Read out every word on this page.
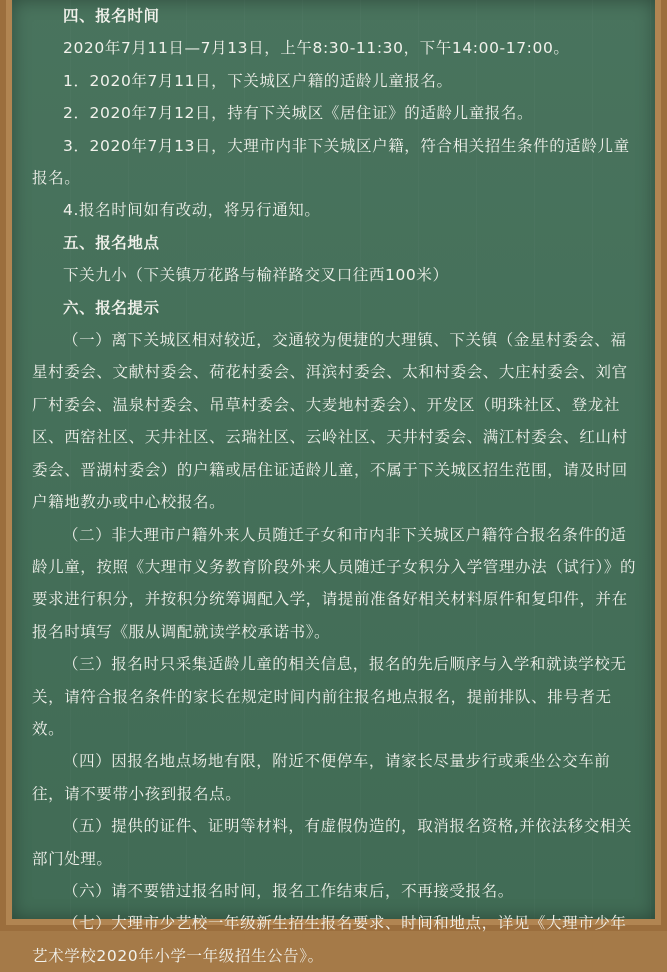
四、报名时间

2020年7月11日—7月13日，上午8:30-11:30，下午14:00-17:00。

1．2020年7月11日，下关城区户籍的适龄儿童报名。

2．2020年7月12日，持有下关城区《居住证》的适龄儿童报名。

3．2020年7月13日，大理市内非下关城区户籍，符合相关招生条件的适龄儿童报名。

4.报名时间如有改动，将另行通知。

五、报名地点

下关九小（下关镇万花路与榆祥路交叉口往西100米）

六、报名提示

（一）离下关城区相对较近，交通较为便捷的大理镇、下关镇（金星村委会、福星村委会、文献村委会、荷花村委会、洱滨村委会、太和村委会、大庄村委会、刘官厂村委会、温泉村委会、吊草村委会、大麦地村委会）、开发区（明珠社区、登龙社区、西窑社区、天井社区、云瑞社区、云岭社区、天井村委会、满江村委会、红山村委会、晋湖村委会）的户籍或居住证适龄儿童，不属于下关城区招生范围，请及时回户籍地教办或中心校报名。

（二）非大理市户籍外来人员随迁子女和市内非下关城区户籍符合报名条件的适龄儿童，按照《大理市义务教育阶段外来人员随迁子女积分入学管理办法（试行）》的要求进行积分，并按积分统筹调配入学，请提前准备好相关材料原件和复印件，并在报名时填写《服从调配就读学校承诺书》。

（三）报名时只采集适龄儿童的相关信息，报名的先后顺序与入学和就读学校无关，请符合报名条件的家长在规定时间内前往报名地点报名，提前排队、排号者无效。

（四）因报名地点场地有限，附近不便停车，请家长尽量步行或乘坐公交车前往，请不要带小孩到报名点。

（五）提供的证件、证明等材料，有虚假伪造的，取消报名资格,并依法移交相关部门处理。

（六）请不要错过报名时间，报名工作结束后，不再接受报名。

（七）大理市少艺校一年级新生招生报名要求、时间和地点，详见《大理市少年艺术学校2020年小学一年级招生公告》。
